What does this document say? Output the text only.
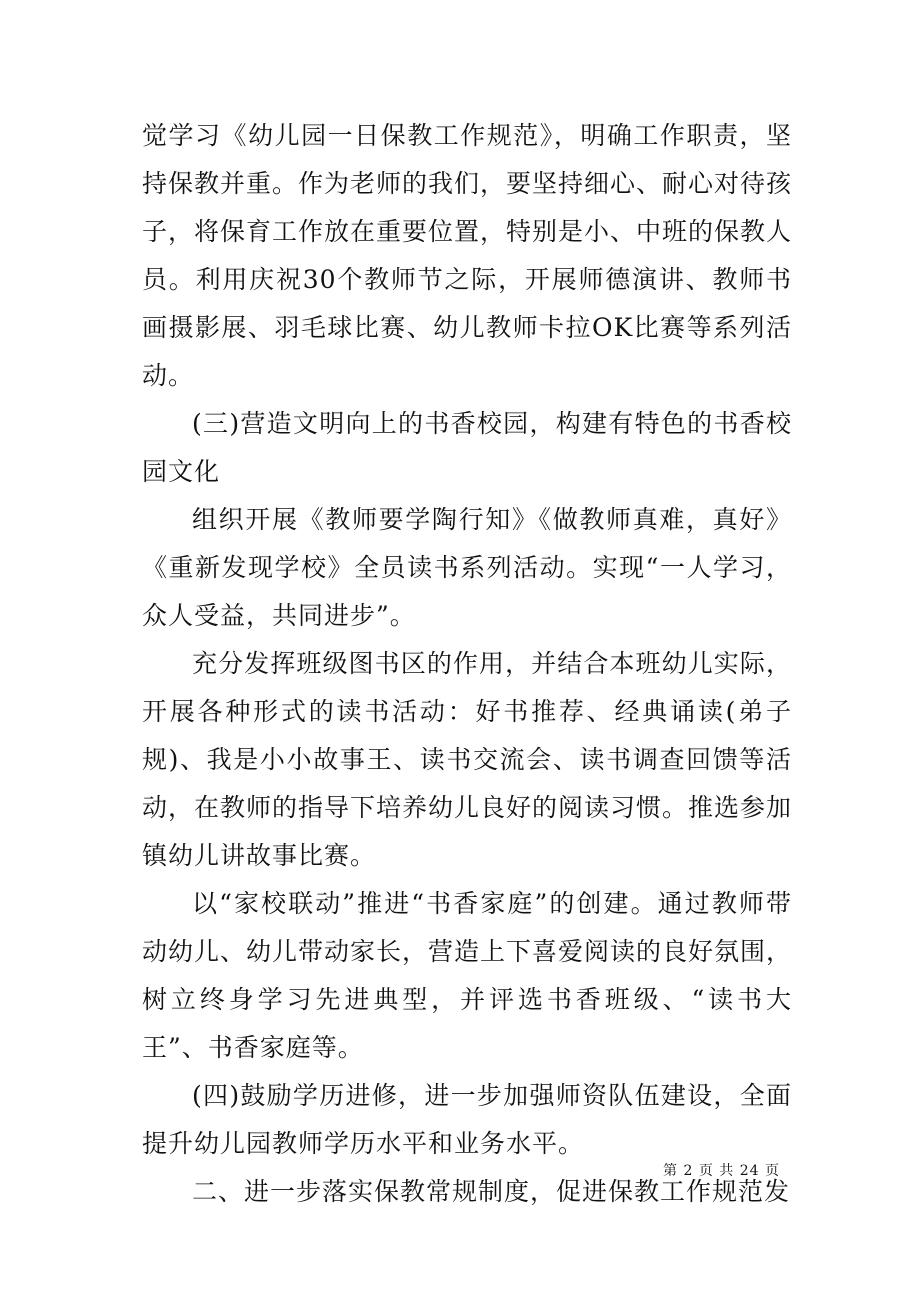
觉学习《幼儿园一日保教工作规范》，明确工作职责，坚持保教并重。作为老师的我们，要坚持细心、耐心对待孩子，将保育工作放在重要位置，特别是小、中班的保教人员。利用庆祝30个教师节之际，开展师德演讲、教师书画摄影展、羽毛球比赛、幼儿教师卡拉OK比赛等系列活动。

(三)营造文明向上的书香校园，构建有特色的书香校园文化

组织开展《教师要学陶行知》《做教师真难，真好》《重新发现学校》全员读书系列活动。实现“一人学习，众人受益，共同进步”。

充分发挥班级图书区的作用，并结合本班幼儿实际，开展各种形式的读书活动：好书推荐、经典诵读(弟子规)、我是小小故事王、读书交流会、读书调查回馈等活动，在教师的指导下培养幼儿良好的阅读习惯。推选参加镇幼儿讲故事比赛。

以“家校联动”推进“书香家庭”的创建。通过教师带动幼儿、幼儿带动家长，营造上下喜爱阅读的良好氛围，树立终身学习先进典型，并评选书香班级、“读书大王”、书香家庭等。

(四)鼓励学历进修，进一步加强师资队伍建设，全面提升幼儿园教师学历水平和业务水平。

二、进一步落实保教常规制度，促进保教工作规范发

第 2 页 共 24 页
